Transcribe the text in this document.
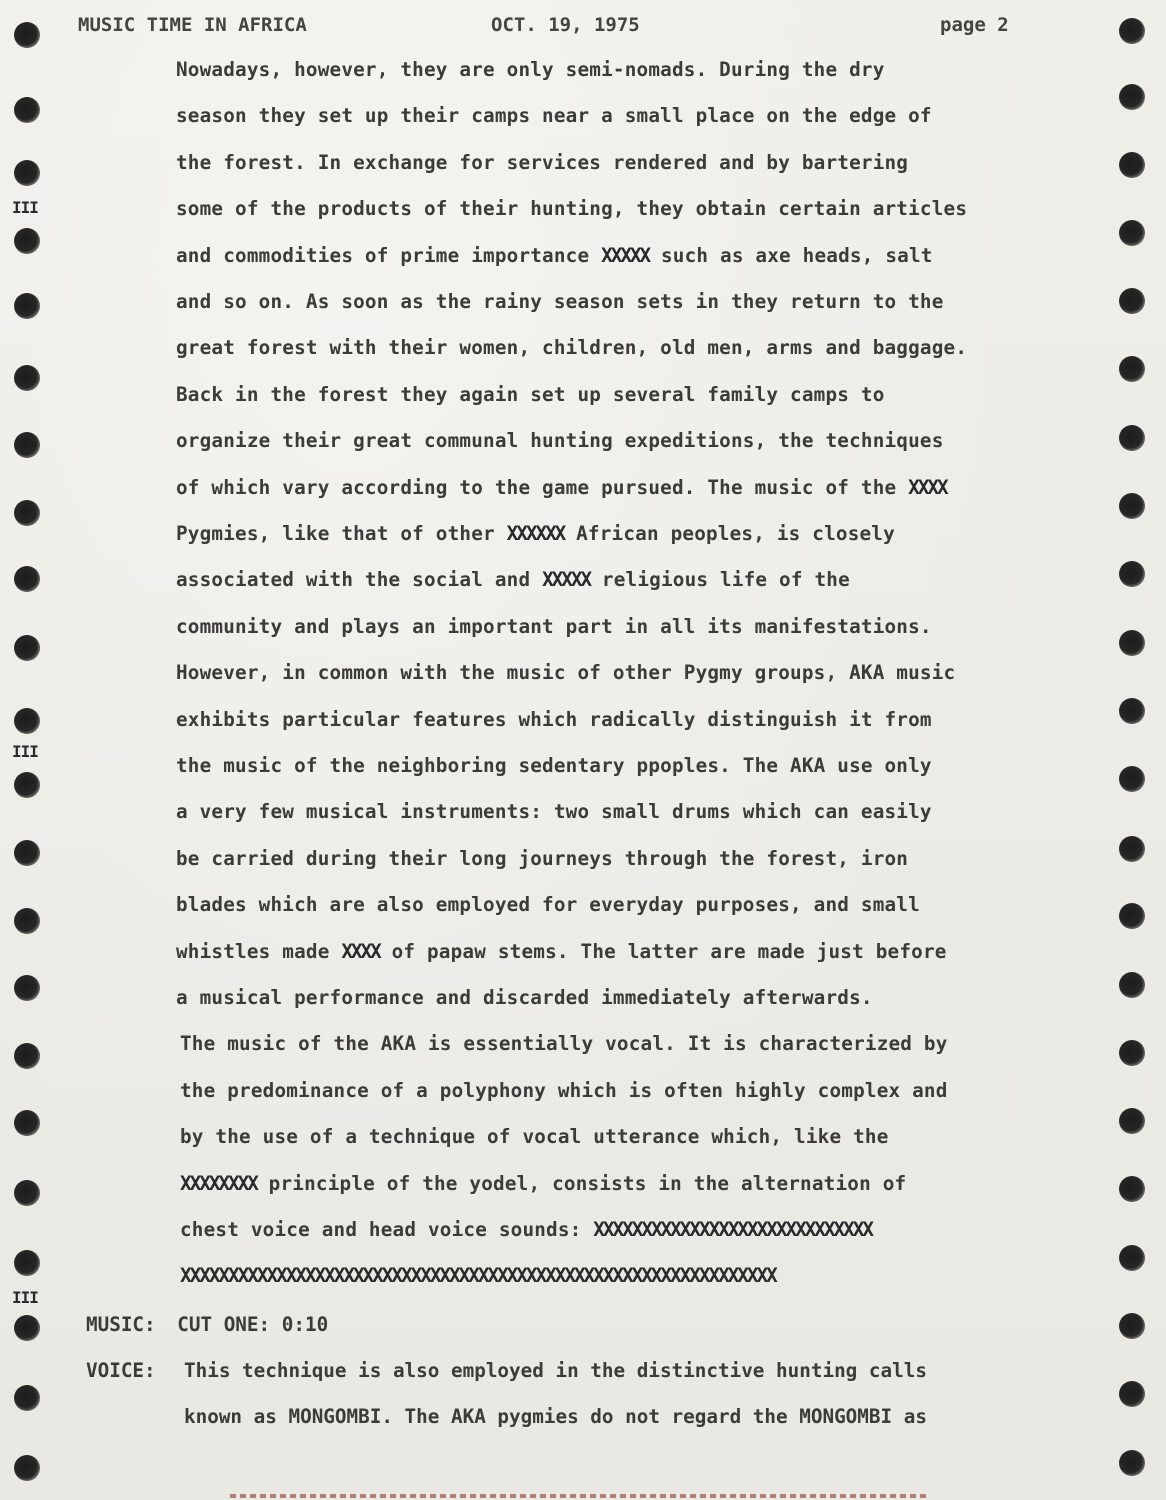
III
III
III
MUSIC TIME IN AFRICA	OCT. 19, 1975	page 2
Nowadays, however, they are only semi-nomads. During the dry
season they set up their camps near a small place on the edge of
the forest. In exchange for services rendered and by bartering
some of the products of their hunting, they obtain certain articles
and commodities of prime importance XXXXX such as axe heads, salt
and so on. As soon as the rainy season sets in they return to the
great forest with their women, children, old men, arms and baggage.
Back in the forest they again set up several family camps to
organize their great communal hunting expeditions, the techniques
of which vary according to the game pursued. The music of the XXXX
Pygmies, like that of other XXXXXX African peoples, is closely
associated with the social and XXXXX religious life of the
community and plays an important part in all its manifestations.
However, in common with the music of other Pygmy groups, AKA music
exhibits particular features which radically distinguish it from
the music of the neighboring sedentary ppoples. The AKA use only
a very few musical instruments: two small drums which can easily
be carried during their long journeys through the forest, iron
blades which are also employed for everyday purposes, and small
whistles made XXXX of papaw stems. The latter are made just before
a musical performance and discarded immediately afterwards.
The music of the AKA is essentially vocal. It is characterized by
the predominance of a polyphony which is often highly complex and
by the use of a technique of vocal utterance which, like the
XXXXXXXX principle of the yodel, consists in the alternation of
chest voice and head voice sounds: XXXXXXXXXXXXXXXXXXXXXXXXXXXXX
XXXXXXXXXXXXXXXXXXXXXXXXXXXXXXXXXXXXXXXXXXXXXXXXXXXXXXXXXXXXXX
MUSIC: CUT ONE: 0:10
VOICE: This technique is also employed in the distinctive hunting calls
known as MONGOMBI. The AKA pygmies do not regard the MONGOMBI as
